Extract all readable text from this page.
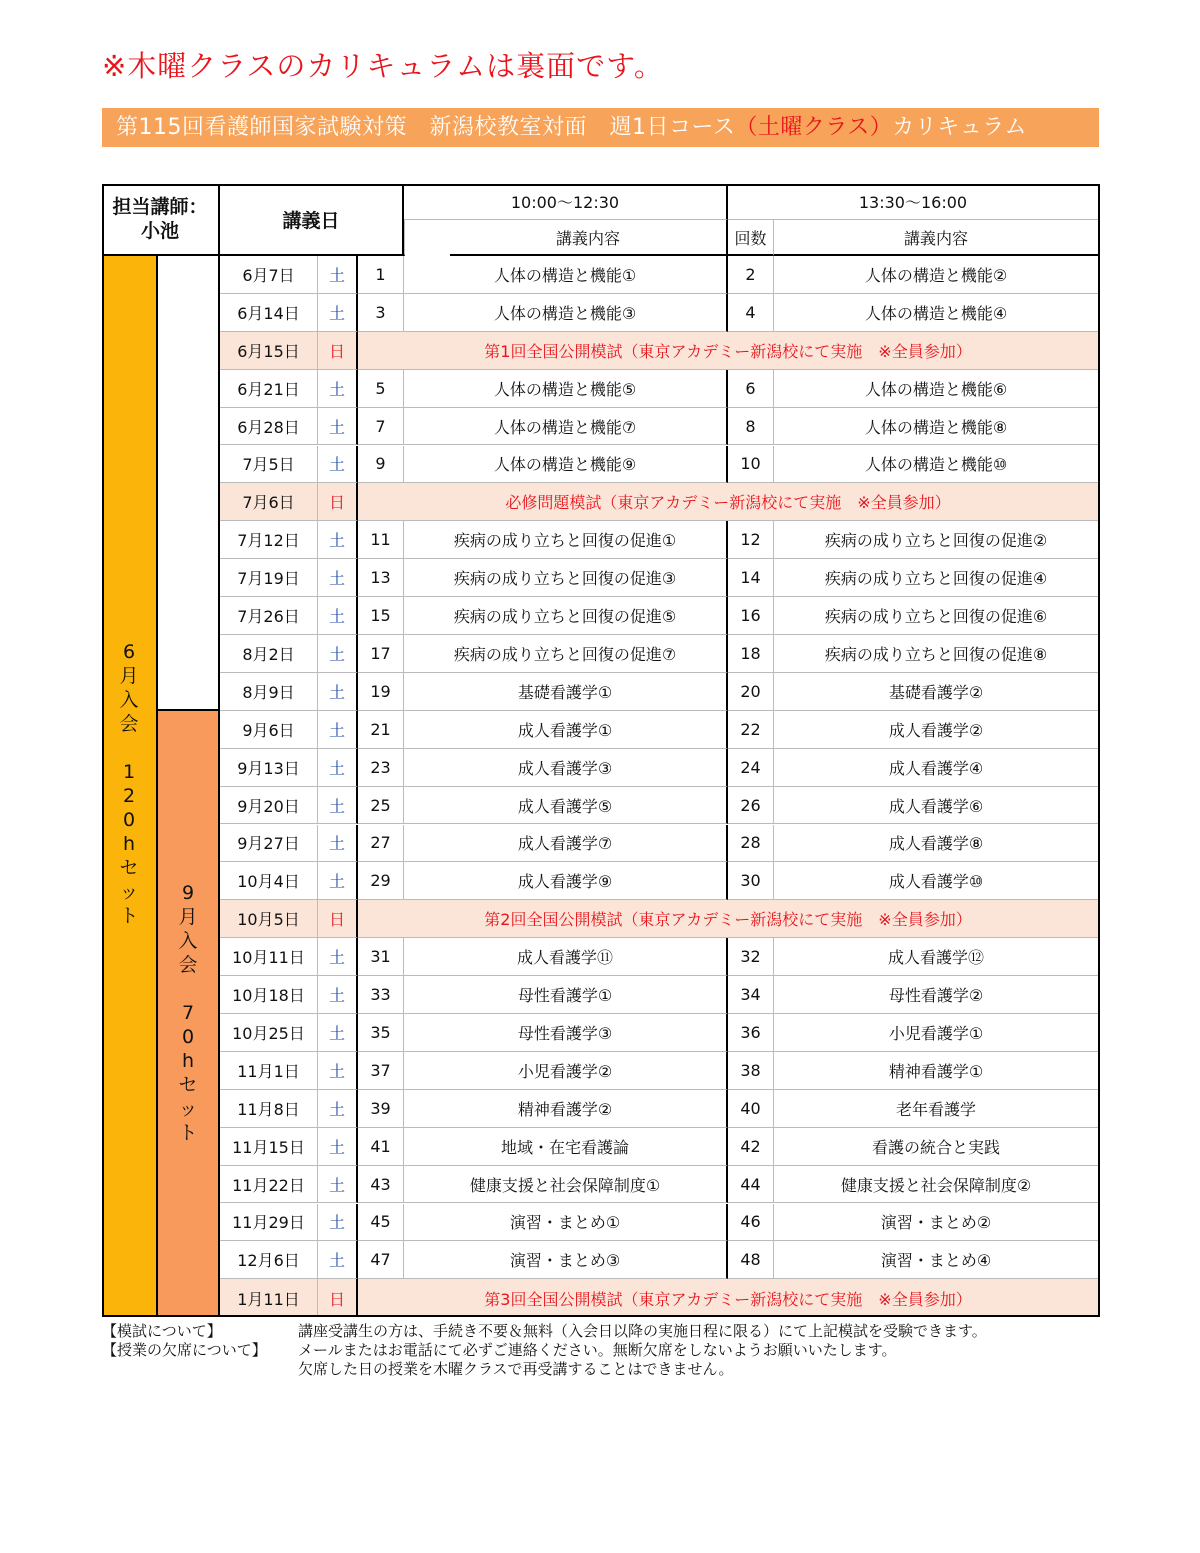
※木曜クラスのカリキュラムは裏面です。
第115回看護師国家試験対策　新潟校教室対面　週1日コース（土曜クラス）カリキュラム
担当講師：
小池	講義日
10:00〜12:30	13:30〜16:00
講義内容	回数	講義内容
6
月
入
会

1
2
0
h
セ
ッ
ト
9
月
入
会

7
0
h
セ
ッ
ト
6月7日	土	1	人体の構造と機能①	2	人体の構造と機能②
6月14日	土	3	人体の構造と機能③	4	人体の構造と機能④
6月15日	日	第1回全国公開模試（東京アカデミー新潟校にて実施　※全員参加）
6月21日	土	5	人体の構造と機能⑤	6	人体の構造と機能⑥
6月28日	土	7	人体の構造と機能⑦	8	人体の構造と機能⑧
7月5日	土	9	人体の構造と機能⑨	10	人体の構造と機能⑩
7月6日	日	必修問題模試（東京アカデミー新潟校にて実施　※全員参加）
7月12日	土	11	疾病の成り立ちと回復の促進①	12	疾病の成り立ちと回復の促進②
7月19日	土	13	疾病の成り立ちと回復の促進③	14	疾病の成り立ちと回復の促進④
7月26日	土	15	疾病の成り立ちと回復の促進⑤	16	疾病の成り立ちと回復の促進⑥
8月2日	土	17	疾病の成り立ちと回復の促進⑦	18	疾病の成り立ちと回復の促進⑧
8月9日	土	19	基礎看護学①	20	基礎看護学②
9月6日	土	21	成人看護学①	22	成人看護学②
9月13日	土	23	成人看護学③	24	成人看護学④
9月20日	土	25	成人看護学⑤	26	成人看護学⑥
9月27日	土	27	成人看護学⑦	28	成人看護学⑧
10月4日	土	29	成人看護学⑨	30	成人看護学⑩
10月5日	日	第2回全国公開模試（東京アカデミー新潟校にて実施　※全員参加）
10月11日	土	31	成人看護学⑪	32	成人看護学⑫
10月18日	土	33	母性看護学①	34	母性看護学②
10月25日	土	35	母性看護学③	36	小児看護学①
11月1日	土	37	小児看護学②	38	精神看護学①
11月8日	土	39	精神看護学②	40	老年看護学
11月15日	土	41	地域・在宅看護論	42	看護の統合と実践
11月22日	土	43	健康支援と社会保障制度①	44	健康支援と社会保障制度②
11月29日	土	45	演習・まとめ①	46	演習・まとめ②
12月6日	土	47	演習・まとめ③	48	演習・まとめ④
1月11日	日	第3回全国公開模試（東京アカデミー新潟校にて実施　※全員参加）
【模試について】	講座受講生の方は、手続き不要＆無料（入会日以降の実施日程に限る）にて上記模試を受験できます。
【授業の欠席について】 メールまたはお電話にて必ずご連絡ください。無断欠席をしないようお願いいたします。
欠席した日の授業を木曜クラスで再受講することはできません。
